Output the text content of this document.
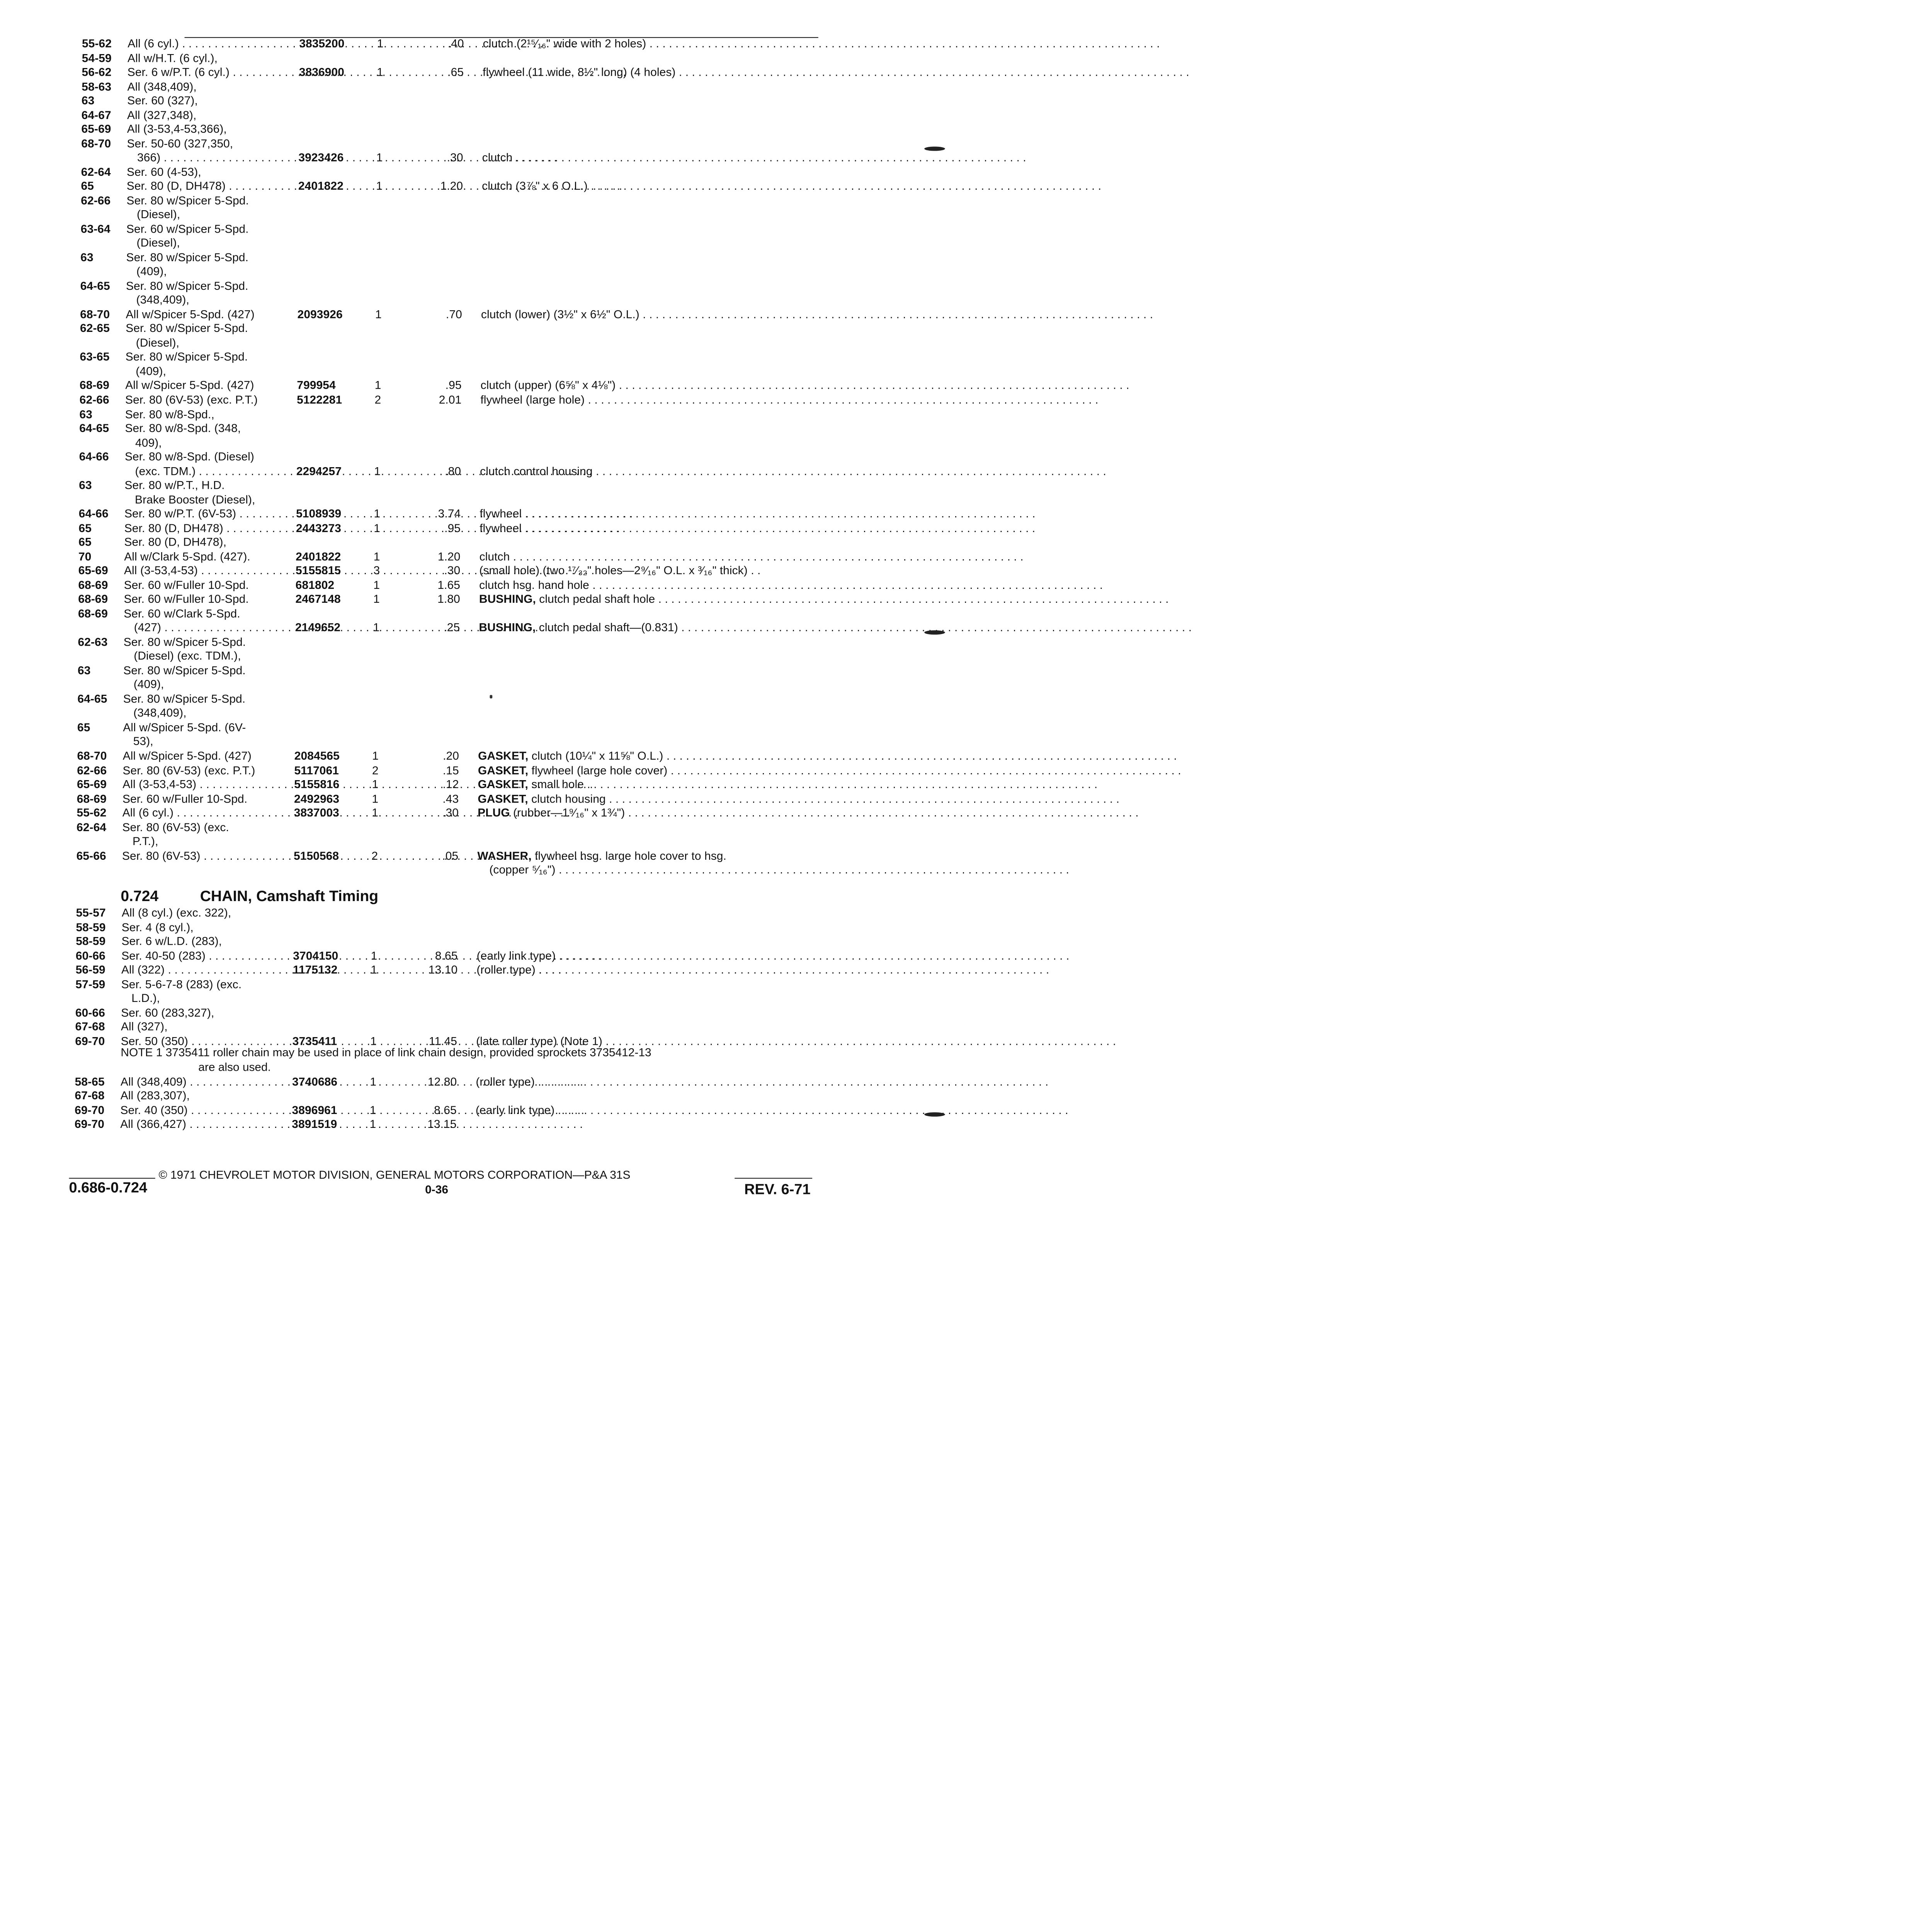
55-62	All (6 cyl.) . . .	3835200	1	.40	clutch (2¹⁵⁄₁₆" wide with 2 holes) . . .
54-59	All w/H.T. (6 cyl.),
56-62	Ser. 6 w/P.T. (6 cyl.) . . .	3836900	1	.65	flywheel (11 wide, 8½" long) (4 holes) . . .
58-63	All (348,409),
63	Ser. 60 (327),
64-67	All (327,348),
65-69	All (3-53,4-53,366),
68-70	Ser. 50-60 (327,350,
366) . . .	3923426	1	.30	clutch . . .
62-64	Ser. 60 (4-53),
65	Ser. 80 (D, DH478) . . .	2401822	1	1.20	clutch (3⅞" x 6 O.L.) . . .
62-66	Ser. 80 w/Spicer 5-Spd.
(Diesel),
63-64	Ser. 60 w/Spicer 5-Spd.
(Diesel),
63	Ser. 80 w/Spicer 5-Spd.
(409),
64-65	Ser. 80 w/Spicer 5-Spd.
(348,409),
68-70	All w/Spicer 5-Spd. (427)	2093926	1	.70	clutch (lower) (3½" x 6½" O.L.) . . .
62-65	Ser. 80 w/Spicer 5-Spd.
(Diesel),
63-65	Ser. 80 w/Spicer 5-Spd.
(409),
68-69	All w/Spicer 5-Spd. (427)	799954	1	.95	clutch (upper) (6⅝" x 4⅛") . . .
62-66	Ser. 80 (6V-53) (exc. P.T.)	5122281	2	2.01	flywheel (large hole) . . .
63	Ser. 80 w/8-Spd.,
64-65	Ser. 80 w/8-Spd. (348,
409),
64-66	Ser. 80 w/8-Spd. (Diesel)
(exc. TDM.) . . .	2294257	1	.80	clutch control housing . . .
63	Ser. 80 w/P.T., H.D.
Brake Booster (Diesel),
64-66	Ser. 80 w/P.T. (6V-53) . . .	5108939	1	3.74	flywheel . . .
65	Ser. 80 (D, DH478) . . .	2443273	1	.95	flywheel . . .
65	Ser. 80 (D, DH478),
70	All w/Clark 5-Spd. (427).	2401822	1	1.20	clutch . . .
65-69	All (3-53,4-53) . . .	5155815	3	.30	(small hole) (two ¹⁷⁄₃₂" holes—2⁹⁄₁₆" O.L. x ³⁄₁₆" thick) . .
68-69	Ser. 60 w/Fuller 10-Spd.	681802	1	1.65	clutch hsg. hand hole . . .
68-69	Ser. 60 w/Fuller 10-Spd.	2467148	1	1.80	BUSHING, clutch pedal shaft hole . . .
68-69	Ser. 60 w/Clark 5-Spd.
(427) . . .	2149652	1	.25	BUSHING, clutch pedal shaft—(0.831) . . .
62-63	Ser. 80 w/Spicer 5-Spd.
(Diesel) (exc. TDM.),
63	Ser. 80 w/Spicer 5-Spd.
(409),
64-65	Ser. 80 w/Spicer 5-Spd.
(348,409),
65	All w/Spicer 5-Spd. (6V-
53),
68-70	All w/Spicer 5-Spd. (427)	2084565	1	.20	GASKET, clutch (10¼" x 11⅝" O.L.) . . .
62-66	Ser. 80 (6V-53) (exc. P.T.)	5117061	2	.15	GASKET, flywheel (large hole cover) . . .
65-69	All (3-53,4-53) . . .	5155816	1	.12	GASKET, small hole . . .
68-69	Ser. 60 w/Fuller 10-Spd.	2492963	1	.43	GASKET, clutch housing . . .
55-62	All (6 cyl.) . . .	3837003	1	.30	PLUG (rubber—1⁹⁄₁₆" x 1¾") . . .
62-64	Ser. 80 (6V-53) (exc.
P.T.),
65-66	Ser. 80 (6V-53) . . .	5150568	2	.05	WASHER, flywheel hsg. large hole cover to hsg.
(copper ⁵⁄₁₆") . . .
0.724	CHAIN, Camshaft Timing
55-57	All (8 cyl.) (exc. 322),
58-59	Ser. 4 (8 cyl.),
58-59	Ser. 6 w/L.D. (283),
60-66	Ser. 40-50 (283) . . .	3704150	1	8.65	(early link type) . . .
56-59	All (322) . . .	1175132	1	13.10	(roller type) . . .
57-59	Ser. 5-6-7-8 (283) (exc.
L.D.),
60-66	Ser. 60 (283,327),
67-68	All (327),
69-70	Ser. 50 (350) . . .	3735411	1	11.45	(late roller type) (Note 1) . . .
NOTE 1 3735411 roller chain may be used in place of link chain design, provided sprockets 3735412-13
are also used.
58-65	All (348,409) . . .	3740686	1	12.80	(roller type) . . .
67-68	All (283,307),
69-70	Ser. 40 (350) . . .	3896961	1	8.65	(early link type) . . .
69-70	All (366,427) . . .	3891519	1	13.15
© 1971 CHEVROLET MOTOR DIVISION, GENERAL MOTORS CORPORATION—P&A 31S
0.686-0.724	0-36	REV. 6-71
